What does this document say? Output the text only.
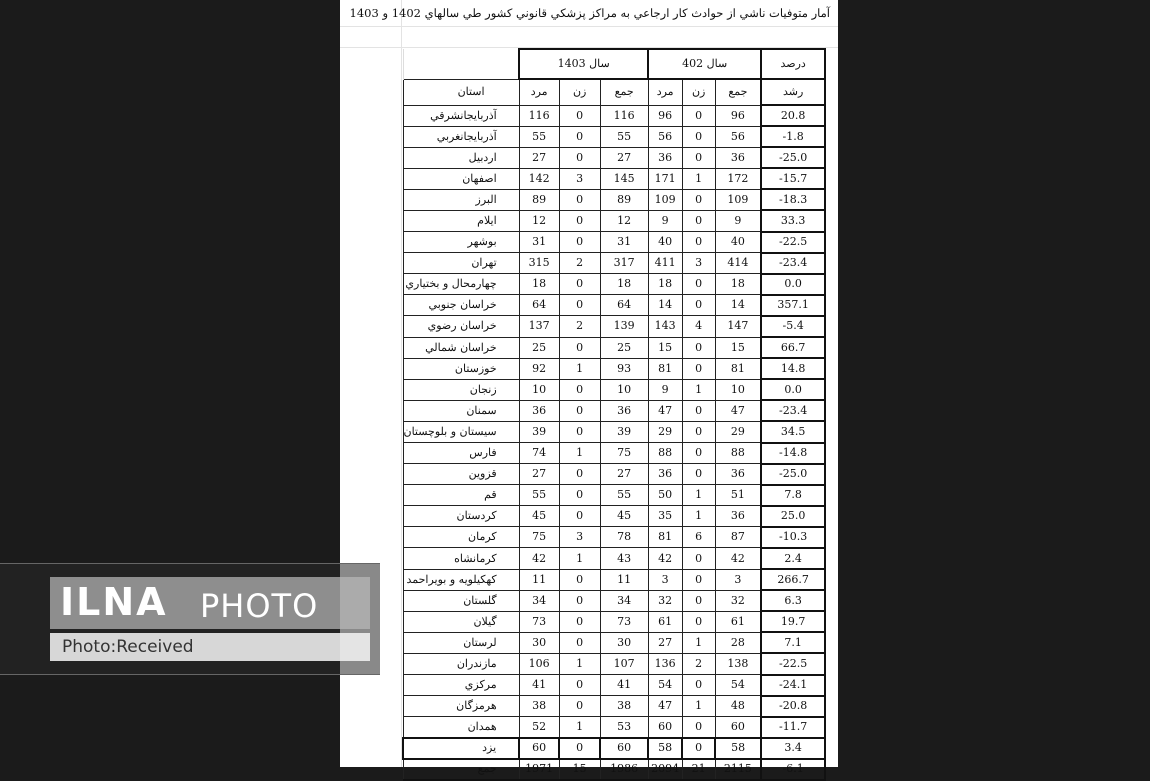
آمار متوفيات ناشي از حوادث كار ارجاعي به مراكز پزشكي قانوني كشور طي سالهاي 1402 و 1403
	سال 1403			سال 402			درصد
استان	مرد	زن	جمع	مرد	زن	جمع	رشد
آذربايجانشرقي	116	0	116	96	0	96	20.8
آذربايجانغربي	55	0	55	56	0	56	-1.8
اردبيل	27	0	27	36	0	36	-25.0
اصفهان	142	3	145	171	1	172	-15.7
البرز	89	0	89	109	0	109	-18.3
ايلام	12	0	12	9	0	9	33.3
بوشهر	31	0	31	40	0	40	-22.5
تهران	315	2	317	411	3	414	-23.4
چهارمحال و بختياري	18	0	18	18	0	18	0.0
خراسان جنوبي	64	0	64	14	0	14	357.1
خراسان رضوي	137	2	139	143	4	147	-5.4
خراسان شمالي	25	0	25	15	0	15	66.7
خوزستان	92	1	93	81	0	81	14.8
زنجان	10	0	10	9	1	10	0.0
سمنان	36	0	36	47	0	47	-23.4
سيستان و بلوچستان	39	0	39	29	0	29	34.5
فارس	74	1	75	88	0	88	-14.8
قزوين	27	0	27	36	0	36	-25.0
قم	55	0	55	50	1	51	7.8
كردستان	45	0	45	35	1	36	25.0
كرمان	75	3	78	81	6	87	-10.3
كرمانشاه	42	1	43	42	0	42	2.4
كهكيلويه و بويراحمد	11	0	11	3	0	3	266.7
گلستان	34	0	34	32	0	32	6.3
گيلان	73	0	73	61	0	61	19.7
لرستان	30	0	30	27	1	28	7.1
مازندران	106	1	107	136	2	138	-22.5
مركزي	41	0	41	54	0	54	-24.1
هرمزگان	38	0	38	47	1	48	-20.8
همدان	52	1	53	60	0	60	-11.7
يزد	60	0	60	58	0	58	3.4
جمع	1971	15	1986	2094	21	2115	-6.1
ILNA PHOTO
Photo:Received
